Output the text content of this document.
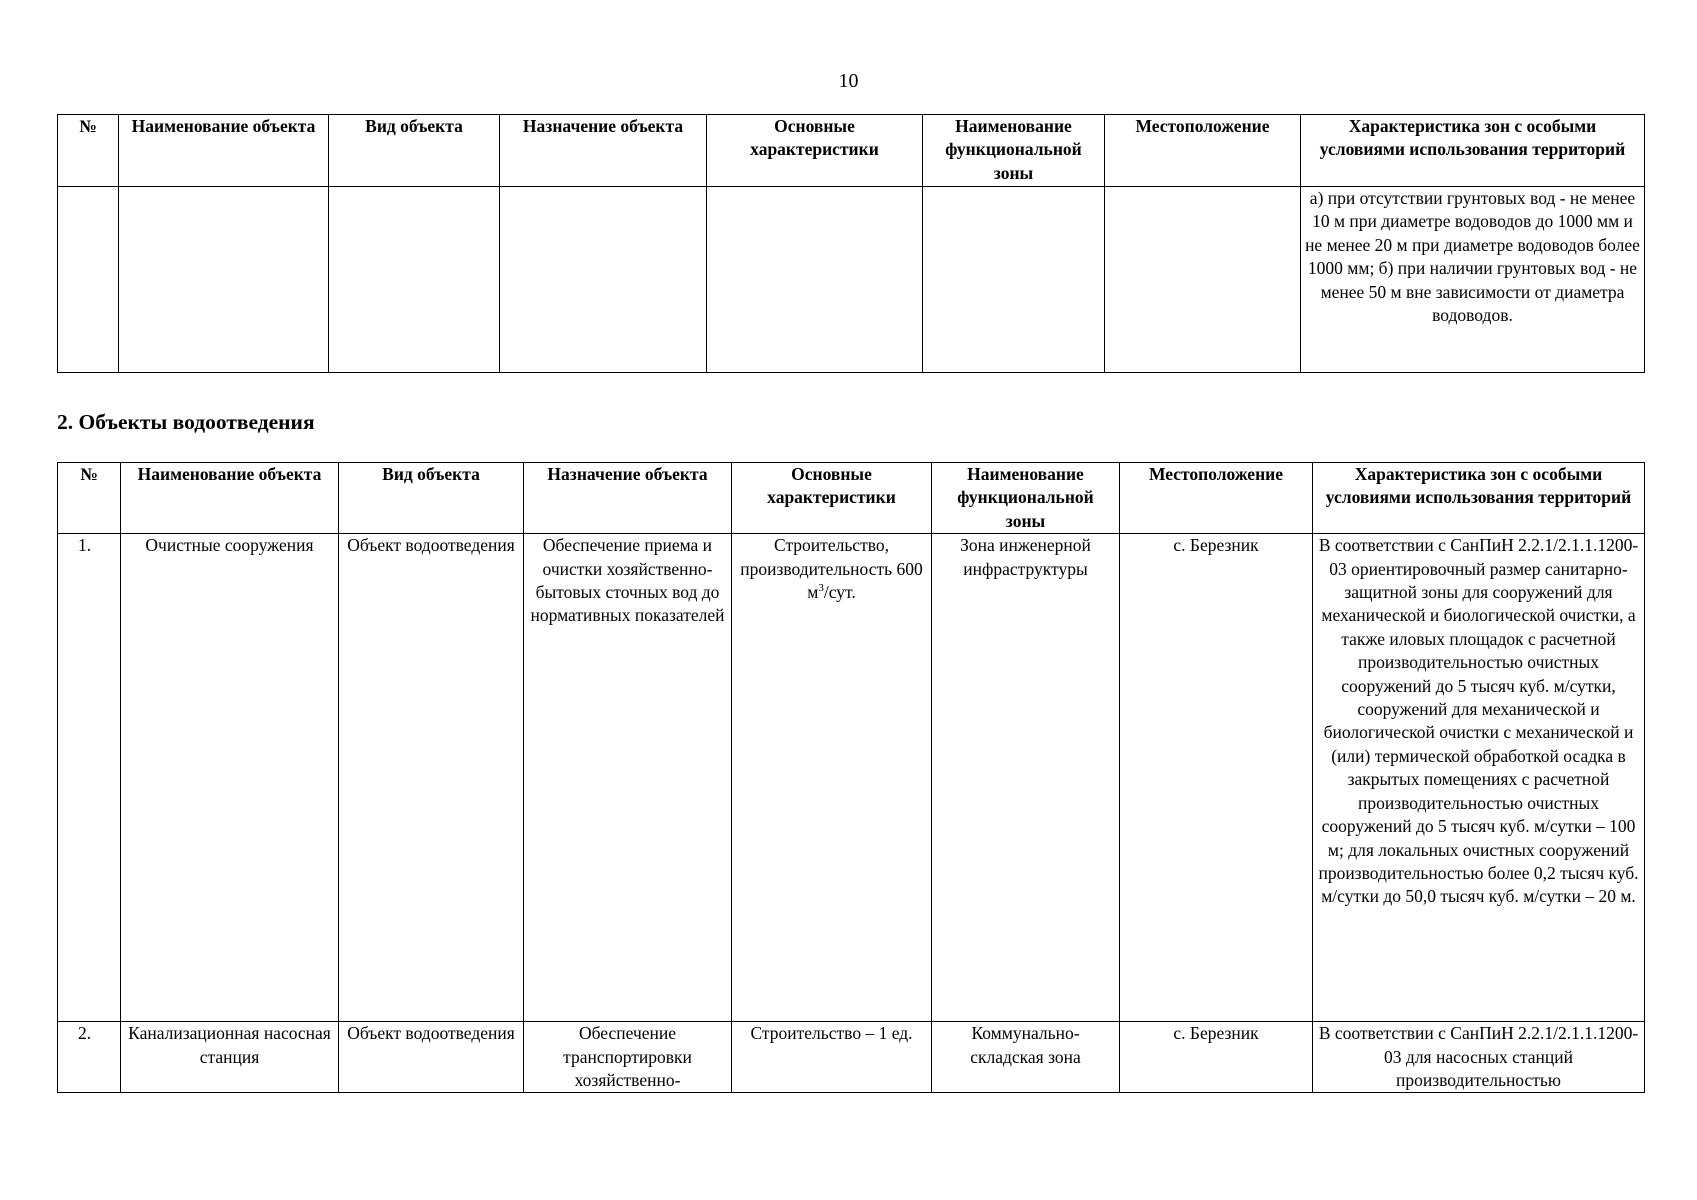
10
№	Наименование объекта	Вид объекта	Назначение объекта	Основные характеристики	Наименование функциональной зоны	Местоположение	Характеристика зон с особыми условиями использования территорий
							а) при отсутствии грунтовых вод - не менее 10 м при диаметре водоводов до 1000 мм и не менее 20 м при диаметре водоводов более 1000 мм; б) при наличии грунтовых вод - не менее 50 м вне зависимости от диаметра водоводов.
2. Объекты водоотведения
№	Наименование объекта	Вид объекта	Назначение объекта	Основные характеристики	Наименование функциональной зоны	Местоположение	Характеристика зон с особыми условиями использования территорий
1.	Очистные сооружения	Объект водоотведения	Обеспечение приема и очистки хозяйственно-бытовых сточных вод до нормативных показателей	Строительство, производительность 600 $м^3$/сут.	Зона инженерной инфраструктуры	с. Березник	В соответствии с СанПиН 2.2.1/2.1.1.1200-03 ориентировочный размер санитарно-защитной зоны для сооружений для механической и биологической очистки, а также иловых площадок с расчетной производительностью очистных сооружений до 5 тысяч куб. м/сутки, сооружений для механической и биологической очистки с механической и (или) термической обработкой осадка в закрытых помещениях с расчетной производительностью очистных сооружений до 5 тысяч куб. м/сутки – 100 м; для локальных очистных сооружений производительностью более 0,2 тысяч куб. м/сутки до 50,0 тысяч куб. м/сутки – 20 м.
2.	Канализационная насосная станция	Объект водоотведения	Обеспечение транспортировки хозяйственно-	Строительство – 1 ед.	Коммунально-складская зона	с. Березник	В соответствии с СанПиН 2.2.1/2.1.1.1200-03 для насосных станций производительностью
